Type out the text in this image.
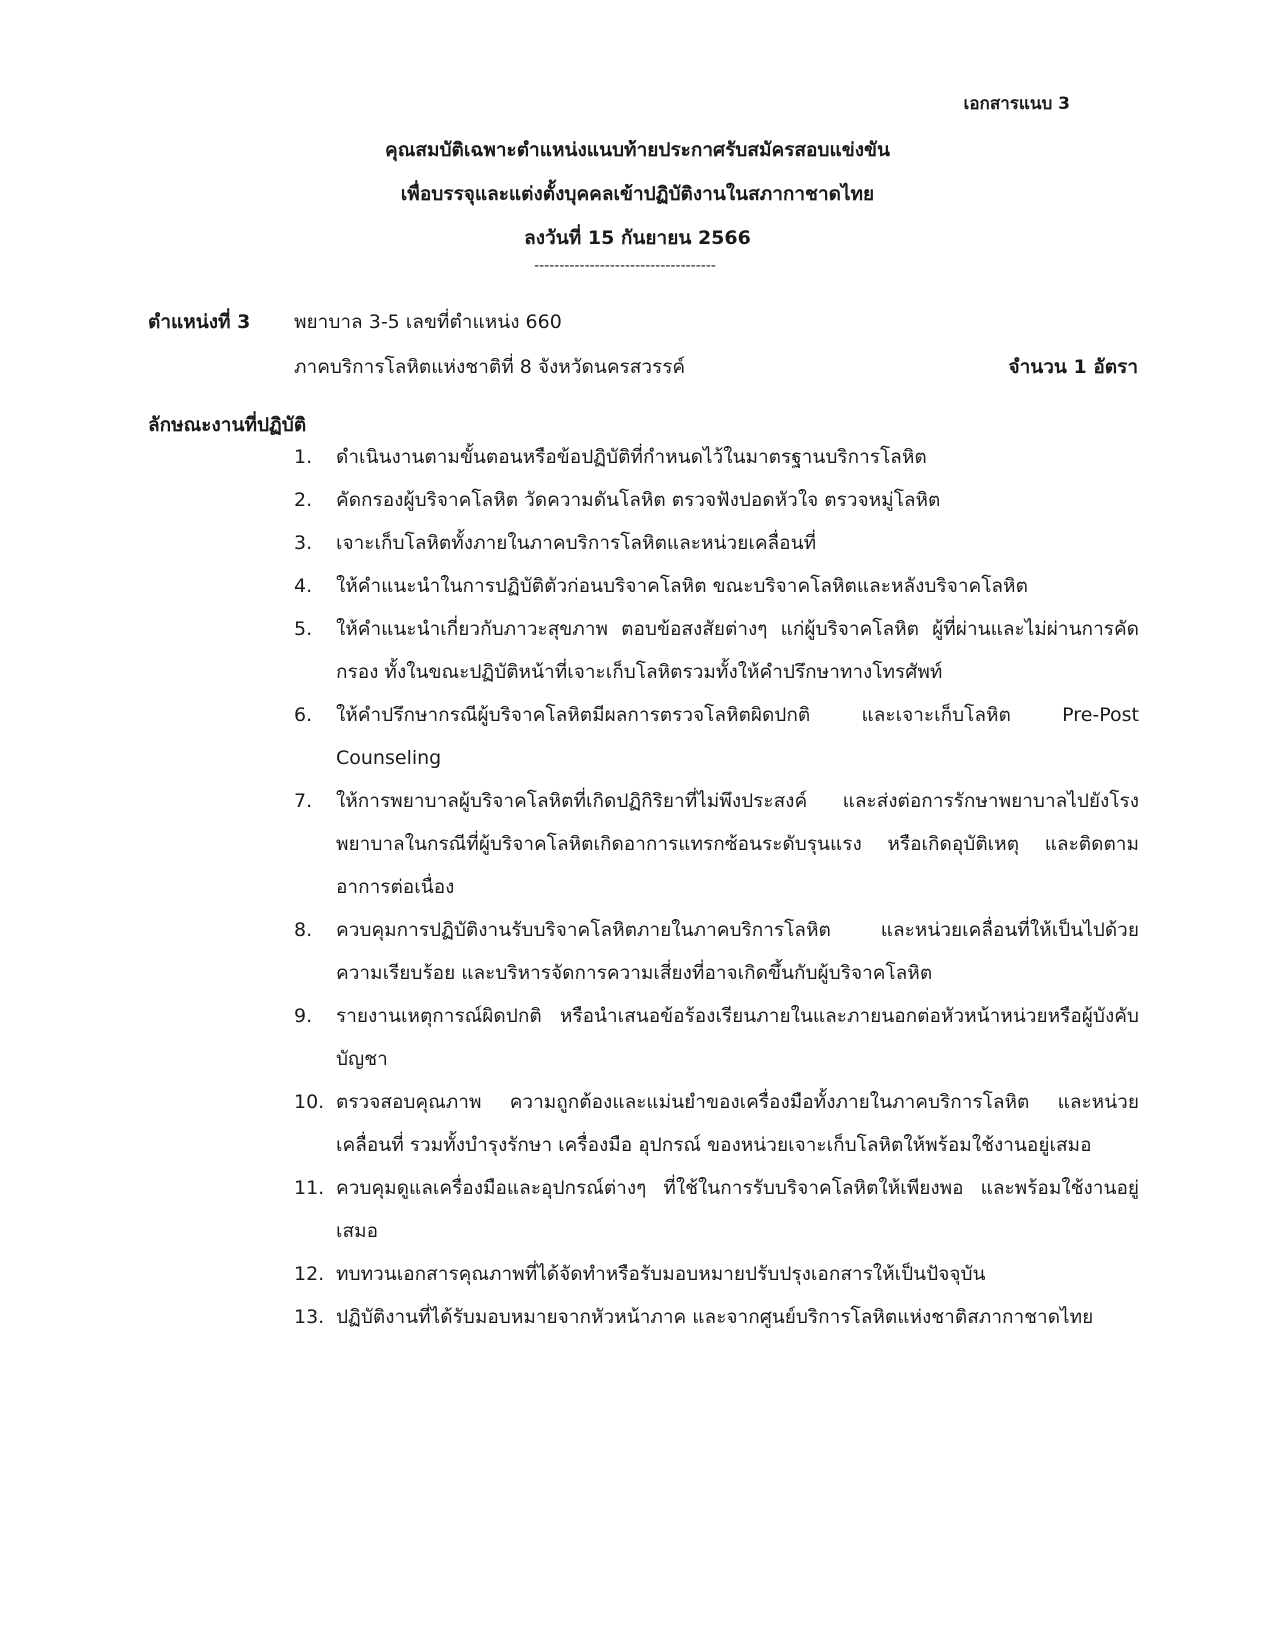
เอกสารแนบ 3
คุณสมบัติเฉพาะตำแหน่งแนบท้ายประกาศรับสมัครสอบแข่งขัน
เพื่อบรรจุและแต่งตั้งบุคคลเข้าปฏิบัติงานในสภากาชาดไทย
ลงวันที่ 15 กันยายน 2566
------------------------------------
ตำแหน่งที่ 3	พยาบาล 3-5 เลขที่ตำแหน่ง 660
ภาคบริการโลหิตแห่งชาติที่ 8 จังหวัดนครสวรรค์	จำนวน 1 อัตรา
ลักษณะงานที่ปฏิบัติ
1.	ดำเนินงานตามขั้นตอนหรือข้อปฏิบัติที่กำหนดไว้ในมาตรฐานบริการโลหิต
2.	คัดกรองผู้บริจาคโลหิต วัดความดันโลหิต ตรวจฟังปอดหัวใจ ตรวจหมู่โลหิต
3.	เจาะเก็บโลหิตทั้งภายในภาคบริการโลหิตและหน่วยเคลื่อนที่
4.	ให้คำแนะนำในการปฏิบัติตัวก่อนบริจาคโลหิต ขณะบริจาคโลหิตและหลังบริจาคโลหิต
5.	ให้คำแนะนำเกี่ยวกับภาวะสุขภาพ ตอบข้อสงสัยต่างๆ แก่ผู้บริจาคโลหิต ผู้ที่ผ่านและไม่ผ่านการคัดกรอง ทั้งในขณะปฏิบัติหน้าที่เจาะเก็บโลหิตรวมทั้งให้คำปรึกษาทางโทรศัพท์
6.	ให้คำปรึกษากรณีผู้บริจาคโลหิตมีผลการตรวจโลหิตผิดปกติ และเจาะเก็บโลหิต Pre-Post Counseling
7.	ให้การพยาบาลผู้บริจาคโลหิตที่เกิดปฏิกิริยาที่ไม่พึงประสงค์ และส่งต่อการรักษาพยาบาลไปยังโรงพยาบาลในกรณีที่ผู้บริจาคโลหิตเกิดอาการแทรกซ้อนระดับรุนแรง หรือเกิดอุบัติเหตุ และติดตามอาการต่อเนื่อง
8.	ควบคุมการปฏิบัติงานรับบริจาคโลหิตภายในภาคบริการโลหิต และหน่วยเคลื่อนที่ให้เป็นไปด้วยความเรียบร้อย และบริหารจัดการความเสี่ยงที่อาจเกิดขึ้นกับผู้บริจาคโลหิต
9.	รายงานเหตุการณ์ผิดปกติ หรือนำเสนอข้อร้องเรียนภายในและภายนอกต่อหัวหน้าหน่วยหรือผู้บังคับบัญชา
10. ตรวจสอบคุณภาพ ความถูกต้องและแม่นยำของเครื่องมือทั้งภายในภาคบริการโลหิต และหน่วยเคลื่อนที่ รวมทั้งบำรุงรักษา เครื่องมือ อุปกรณ์ ของหน่วยเจาะเก็บโลหิตให้พร้อมใช้งานอยู่เสมอ
11. ควบคุมดูแลเครื่องมือและอุปกรณ์ต่างๆ ที่ใช้ในการรับบริจาคโลหิตให้เพียงพอ และพร้อมใช้งานอยู่เสมอ
12. ทบทวนเอกสารคุณภาพที่ได้จัดทำหรือรับมอบหมายปรับปรุงเอกสารให้เป็นปัจจุบัน
13. ปฏิบัติงานที่ได้รับมอบหมายจากหัวหน้าภาค และจากศูนย์บริการโลหิตแห่งชาติสภากาชาดไทย
